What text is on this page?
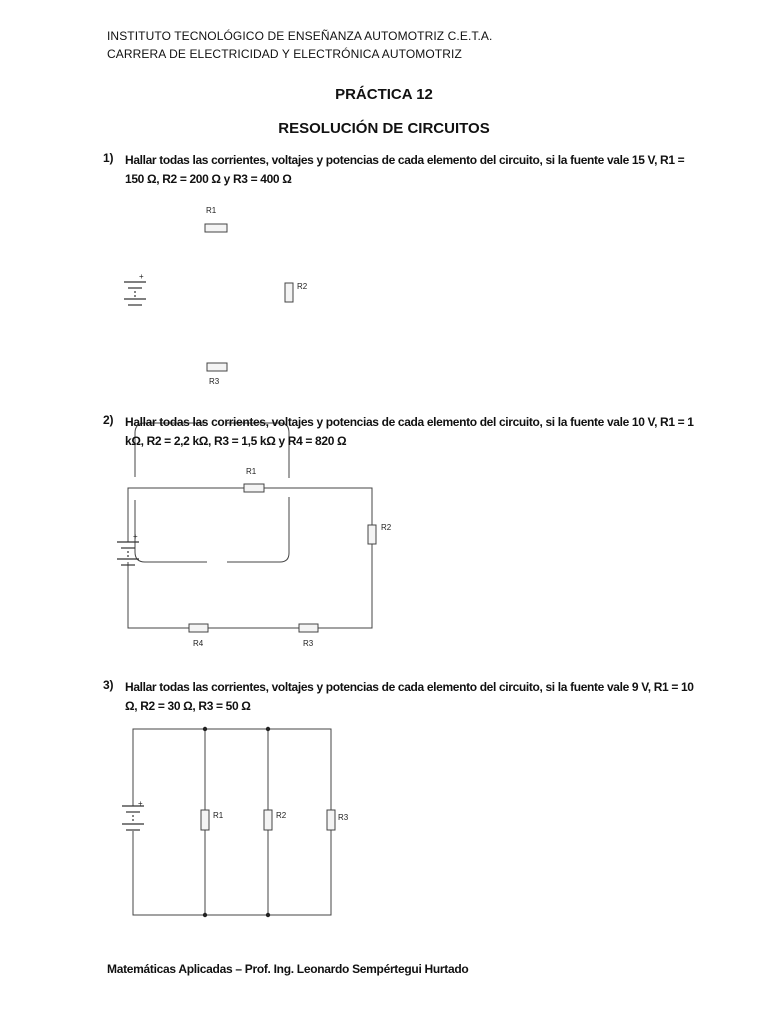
INSTITUTO TECNOLÓGICO DE ENSEÑANZA AUTOMOTRIZ C.E.T.A.
CARRERA DE ELECTRICIDAD Y ELECTRÓNICA AUTOMOTRIZ
PRÁCTICA 12
RESOLUCIÓN DE CIRCUITOS
1) Hallar todas las corrientes, voltajes y potencias de cada elemento del circuito, si la fuente vale 15 V, R1 = 150 Ω, R2 = 200 Ω y R3 = 400 Ω
+
R1
R2
R3
2) Hallar todas las corrientes, voltajes y potencias de cada elemento del circuito, si la fuente vale 10 V, R1 = 1 kΩ, R2 = 2,2 kΩ, R3 = 1,5 kΩ y R4 = 820 Ω
+
R1
R2
R3
R4
3) Hallar todas las corrientes, voltajes y potencias de cada elemento del circuito, si la fuente vale 9 V, R1 = 10 Ω, R2 = 30 Ω, R3 = 50 Ω
+
R1	R2	R3
Matemáticas Aplicadas – Prof. Ing. Leonardo Sempértegui Hurtado
